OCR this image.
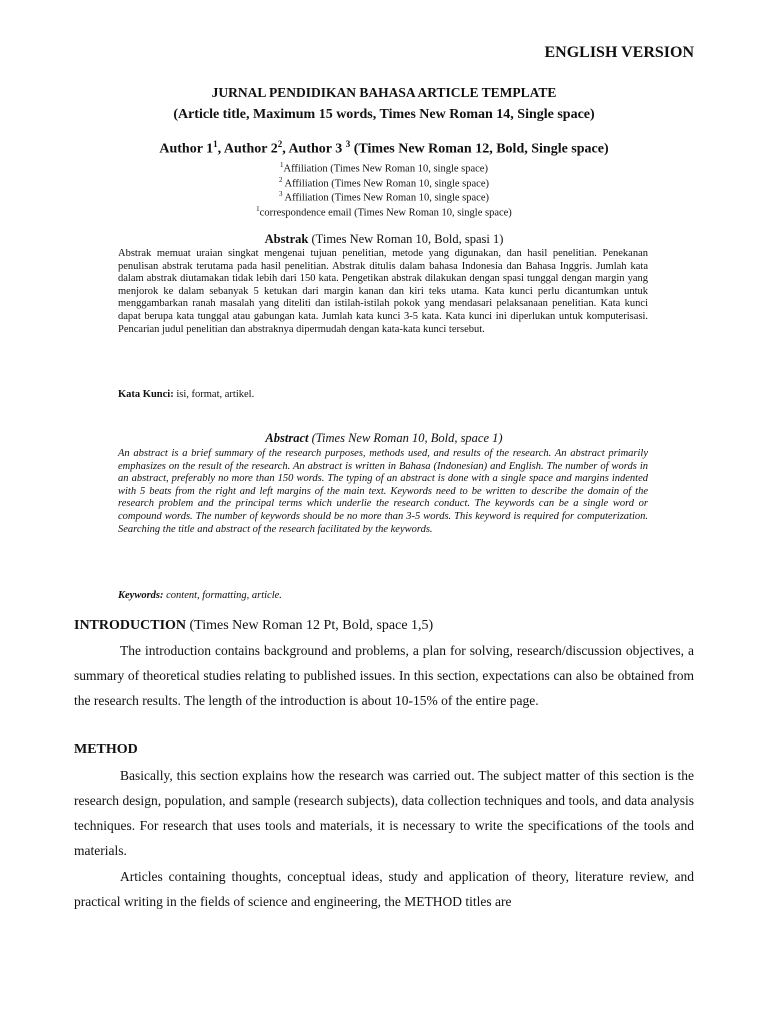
ENGLISH VERSION
JURNAL PENDIDIKAN BAHASA ARTICLE TEMPLATE
(Article title, Maximum 15 words, Times New Roman 14, Single space)
Author $1^1$, Author $2^2$, Author 3 $^3$ (Times New Roman 12, Bold, Single space)
$^1$Affiliation (Times New Roman 10, single space)
$^2$ Affiliation (Times New Roman 10, single space)
$^3$ Affiliation (Times New Roman 10, single space)
$^1$correspondence email (Times New Roman 10, single space)
Abstrak (Times New Roman 10, Bold, spasi 1)
Abstrak memuat uraian singkat mengenai tujuan penelitian, metode yang digunakan, dan hasil penelitian. Penekanan penulisan abstrak terutama pada hasil penelitian. Abstrak ditulis dalam bahasa Indonesia dan Bahasa Inggris. Jumlah kata dalam abstrak diutamakan tidak lebih dari 150 kata. Pengetikan abstrak dilakukan dengan spasi tunggal dengan margin yang menjorok ke dalam sebanyak 5 ketukan dari margin kanan dan kiri teks utama. Kata kunci perlu dicantumkan untuk menggambarkan ranah masalah yang diteliti dan istilah-istilah pokok yang mendasari pelaksanaan penelitian. Kata kunci dapat berupa kata tunggal atau gabungan kata. Jumlah kata kunci 3-5 kata. Kata kunci ini diperlukan untuk komputerisasi. Pencarian judul penelitian dan abstraknya dipermudah dengan kata-kata kunci tersebut.
Kata Kunci: isi, format, artikel.
Abstract (Times New Roman 10, Bold, space 1)
An abstract is a brief summary of the research purposes, methods used, and results of the research. An abstract primarily emphasizes on the result of the research. An abstract is written in Bahasa (Indonesian) and English. The number of words in an abstract, preferably no more than 150 words. The typing of an abstract is done with a single space and margins indented with 5 beats from the right and left margins of the main text. Keywords need to be written to describe the domain of the research problem and the principal terms which underlie the research conduct. The keywords can be a single word or compound words. The number of keywords should be no more than 3-5 words. This keyword is required for computerization. Searching the title and abstract of the research facilitated by the keywords.
Keywords: content, formatting, article.
INTRODUCTION (Times New Roman 12 Pt, Bold, space 1,5)
The introduction contains background and problems, a plan for solving, research/discussion objectives, a summary of theoretical studies relating to published issues. In this section, expectations can also be obtained from the research results. The length of the introduction is about 10-15% of the entire page.
METHOD
Basically, this section explains how the research was carried out. The subject matter of this section is the research design, population, and sample (research subjects), data collection techniques and tools, and data analysis techniques. For research that uses tools and materials, it is necessary to write the specifications of the tools and materials.
Articles containing thoughts, conceptual ideas, study and application of theory, literature review, and practical writing in the fields of science and engineering, the METHOD titles are
